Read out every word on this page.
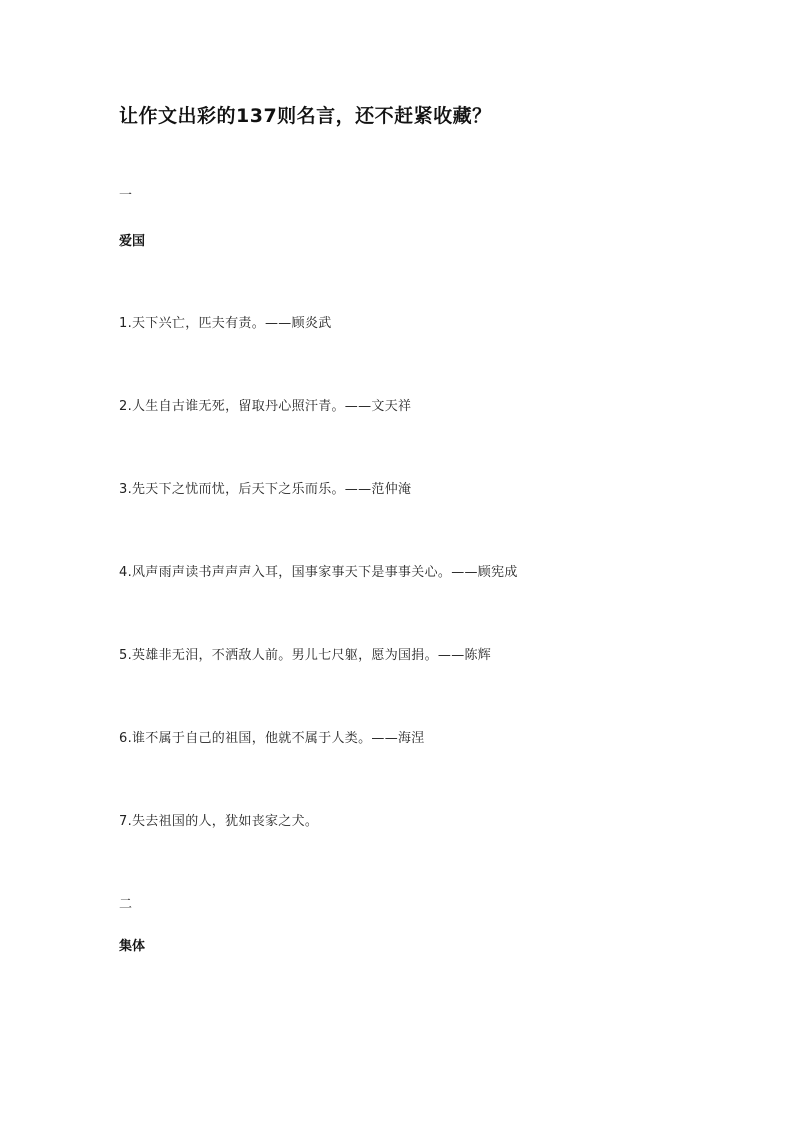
让作文出彩的137则名言，还不赶紧收藏？
一
爱国
1.天下兴亡，匹夫有责。——顾炎武
2.人生自古谁无死，留取丹心照汗青。——文天祥
3.先天下之忧而忧，后天下之乐而乐。——范仲淹
4.风声雨声读书声声声入耳，国事家事天下是事事关心。——顾宪成
5.英雄非无泪，不洒敌人前。男儿七尺躯，愿为国捐。——陈辉
6.谁不属于自己的祖国，他就不属于人类。——海涅
7.失去祖国的人，犹如丧家之犬。
二
集体
